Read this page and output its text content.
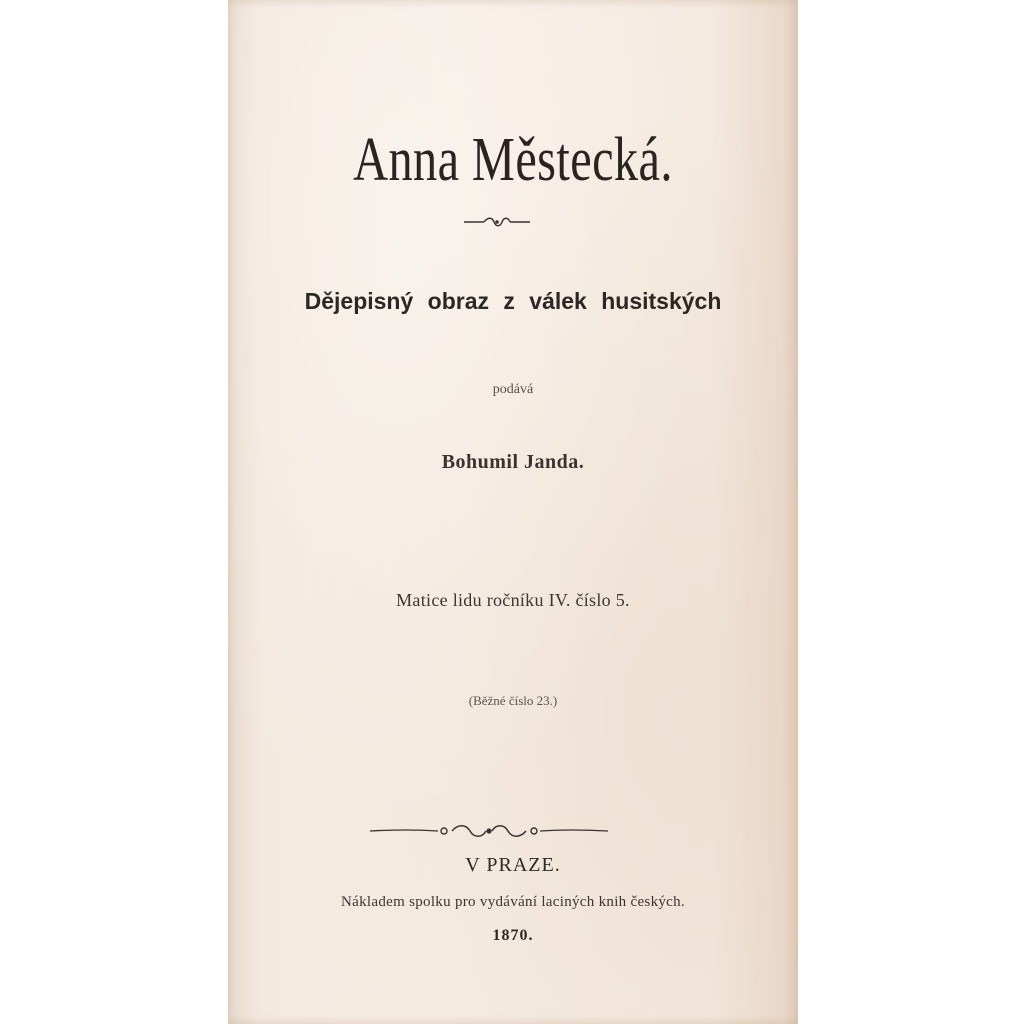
Anna Městecká.
Dějepisný obraz z válek husitských
podává
Bohumil Janda.
Matice lidu ročníku IV. číslo 5.
(Běžné číslo 23.)
V PRAZE.
Nákladem spolku pro vydávání laciných knih českých.
1870.
